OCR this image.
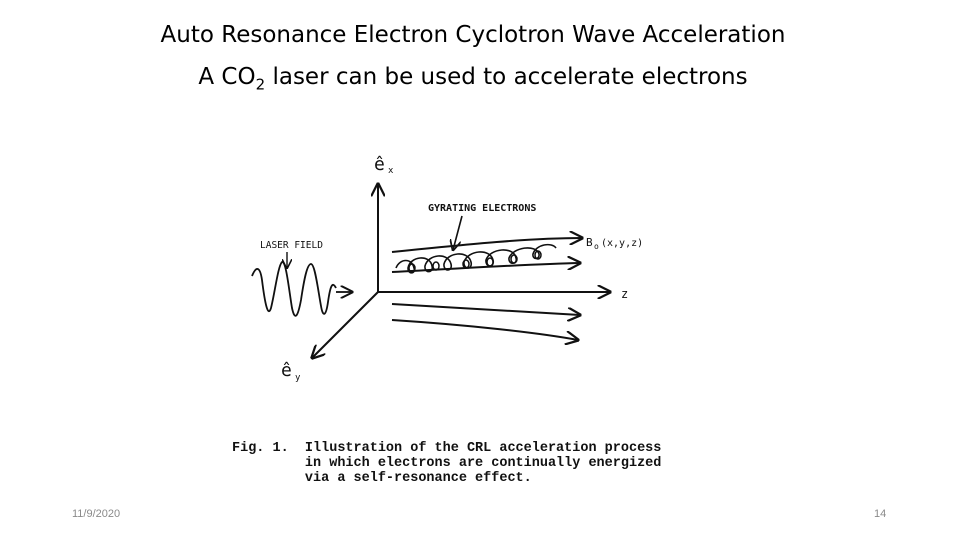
Auto Resonance Electron Cyclotron Wave Acceleration
A $CO_2$ laser can be used to accelerate electrons
ê x
ê y
z
B o (x,y,z)
GYRATING ELECTRONS
LASER FIELD
Fig. 1.  Illustration of the CRL acceleration process
in which electrons are continually energized
via a self-resonance effect.
11/9/2020	14
